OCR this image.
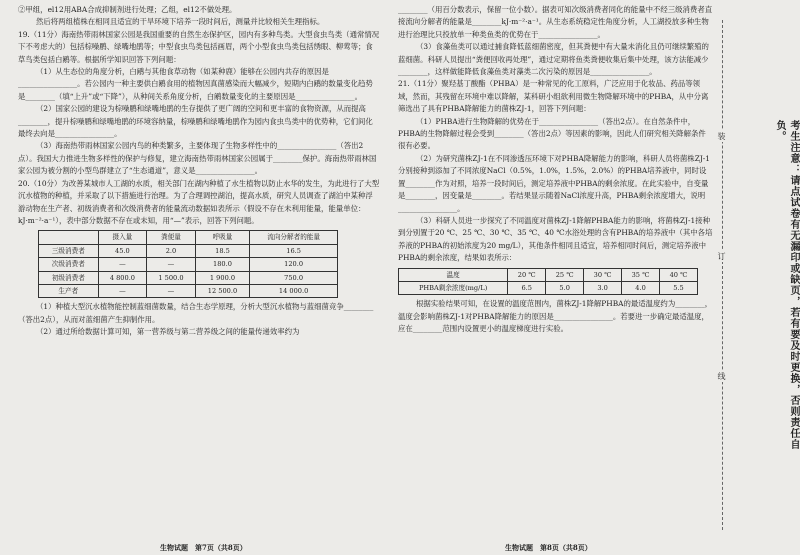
②甲组，el12用ABA合成抑制剂进行处理；乙组，el12不做处理。

然后将两组植株在相同且适宜的干旱环境下培养一段时间后，测量并比较相关生理指标。

19.（11分）海南热带雨林国家公园是我国重要的自然生态保护区，园内有多种鸟类。大型食虫鸟类（通常情况下不考虑大的）包括棕噪鹛、绿嘴地鹃等；中型食虫鸟类包括画眉，两个小型食虫鸟类包括绣眼、柳莺等；食草鸟类包括白鹇等。根据所学知识回答下列问题：

（1）从生态位的角度分析，白鹇与其他食草动物（如某种鹿）能够在公园内共存的原因是________________。若公园内一种主要供白鹇食用的植物因真菌感染而大幅减少，短期内白鹇的数量变化趋势是________（填“上升”或“下降”），从种间关系角度分析，白鹇数量变化的主要原因是________________。

（2）国家公园的建设为棕噪鹛和绿嘴地鹃的生存提供了更广阔的空间和更丰富的食物资源，从而提高________，提升棕噪鹛和绿嘴地鹃的环境容纳量，棕噪鹛和绿嘴地鹃作为园内食虫鸟类中的优势种，它们间化最终去向是________________。

（3）海南热带雨林国家公园内鸟的种类繁多，主要体现了生物多样性中的________________（答出2点）。我国大力推进生物多样性的保护与修复，建立海南热带雨林国家公园属于________保护。海南热带雨林国家公园为被分割的小型鸟群建立了“生态通道”，意义是________________。

20.（10分）为改善某城市人工湖的水质，相关部门在湖内种植了水生植物以防止水华的发生，为此进行了大型沉水植物的种植，并采取了以下措施进行治理。为了合理调控湖泊，提高水质，研究人员调查了湖泊中某种浮游动物在生产者、初级消费者和次级消费者的能量流动数据如表所示（假设不存在未利用能量，能量单位：kJ·m⁻²·a⁻¹），表中部分数据不存在或未知，用“—”表示，回答下列问题。

	摄入量	粪便量	呼吸量	流向分解者的能量
三级消费者	45.0	2.0	18.5	16.5
次级消费者	—	—	180.0	120.0
初级消费者	4 800.0	1 500.0	1 900.0	750.0
生产者	—	—	12 500.0	14 000.0

（1）种植大型沉水植物能控制蓝细菌数量，结合生态学原理，分析大型沉水植物与蓝细菌竞争________（答出2点），从而对蓝细菌产生抑制作用。

（2）通过所给数据计算可知，第一营养级与第二营养级之间的能量传递效率约为

生物试题　第7页（共8页）

________（用百分数表示，保留一位小数）。据表可知次级消费者同化的能量中不经三级消费者直接流向分解者的能量是________kJ·m⁻²·a⁻¹。从生态系统稳定性角度分析，人工湖投放多种生物进行治理比只投放单一种类鱼类的优势在于________________。

（3）食藻鱼类可以通过捕食降低蓝细菌密度，但其粪便中有大量未消化且仍可继续繁殖的蓝细菌。科研人员提出“粪便回收再处理”，通过定期将鱼类粪便收集后集中处理，该方法能减少________，这样做能降低食藻鱼类对藻类二次污染的原因是________________。

21.（11分）聚羟基丁酸酯（PHBA）是一种常见的化工原料，广泛应用于化妆品、药品等领域，然而，其残留在环境中难以降解，某科研小组欲利用微生物降解环境中的PHBA，从中分离筛选出了具有PHBA降解能力的菌株ZJ-1，回答下列问题：

（1）PHBA进行生物降解的优势在于________________（答出2点）。在自然条件中，PHBA的生物降解过程会受到________（答出2点）等因素的影响，因此人们研究相关降解条件很有必要。

（2）为研究菌株ZJ-1在不同渗透压环境下对PHBA降解能力的影响，科研人员将菌株ZJ-1分别接种到添加了不同浓度NaCl（0.5%，1.0%，1.5%，2.0%）的PHBA培养液中，同时设置________作为对照，培养一段时间后，测定培养液中PHBA的剩余浓度。在此实验中，自变量是________，因变量是________。若结果显示随着NaCl浓度升高，PHBA剩余浓度增大，说明________________。

（3）科研人员进一步探究了不同温度对菌株ZJ-1降解PHBA能力的影响，将菌株ZJ-1接种到分别置于20 ℃、25 ℃、30 ℃、35 ℃、40 ℃水浴处理的含有PHBA的培养液中（其中各培养液的PHBA的初始浓度为20 mg/L），其他条件相同且适宜，培养相同时间后，测定培养液中PHBA的剩余浓度，结果如表所示：

温度	20 ℃	25 ℃	30 ℃	35 ℃	40 ℃
PHBA剩余浓度(mg/L)	6.5	5.0	3.0	4.0	5.5

根据实验结果可知，在设置的温度范围内，菌株ZJ-1降解PHBA的最适温度约为________，温度会影响菌株ZJ-1对PHBA降解能力的原因是________________。若要进一步确定最适温度，应在________范围内设置更小的温度梯度进行实验。

生物试题　第8页（共8页）
装
订
线	考生注意：请点试卷有无漏印或缺页，若有要及时更换，否则责任自负。
